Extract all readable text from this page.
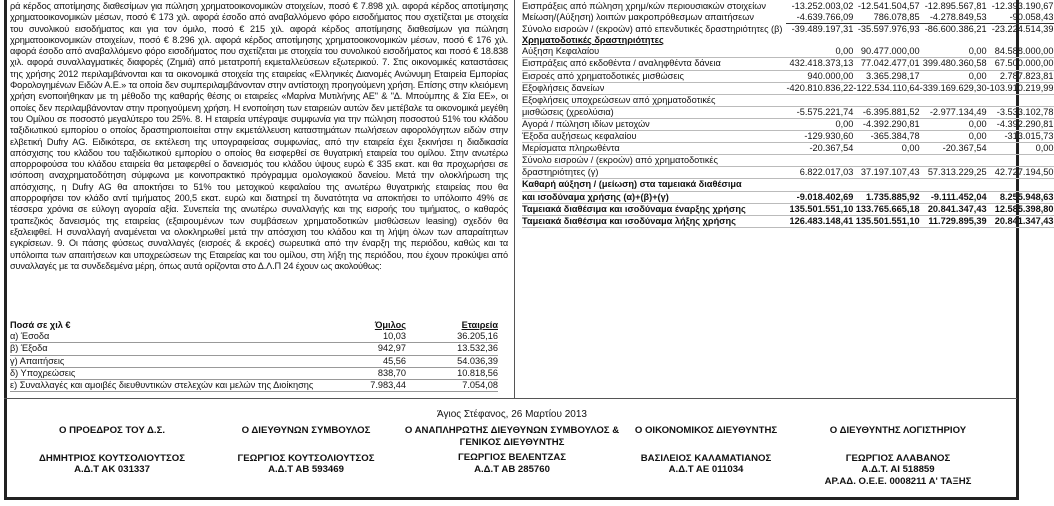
ρά κέρδος αποτίμησης διαθεσίμων για πώληση χρηματοοικονομικών στοιχείων, ποσό € 7.898 χιλ. αφορά κέρδος αποτίμησης χρηματοοικονομικών μέσων, ποσό € 173 χιλ. αφορά έσοδο από αναβαλλόμενο φόρο εισοδήματος που σχετίζεται με στοιχεία του συνολικού εισοδήματος και για τον όμιλο, ποσό € 215 χιλ. αφορά κέρδος αποτίμησης διαθεσίμων για πώληση χρηματοοικονομικών στοιχείων, ποσό € 8.296 χιλ. αφορά κέρδος αποτίμησης χρηματοοικονομικών μέσων, ποσό € 176 χιλ. αφορά έσοδο από αναβαλλόμενο φόρο εισοδήματος που σχετίζεται με στοιχεία του συνολικού εισοδήματος και ποσό € 18.838 χιλ. αφορά συναλλαγματικές διαφορές (Ζημιά) από μετατροπή εκμεταλλεύσεων εξωτερικού. 7. Στις οικονομικές καταστάσεις της χρήσης 2012 περιλαμβάνονται και τα οικονομικά στοιχεία της εταιρείας «Ελληνικές Διανομές Ανώνυμη Εταιρεία Εμπορίας Φορολογημένων Ειδών Α.Ε.» τα οποία δεν συμπεριλαμβάνονταν στην αντίστοιχη προηγούμενη χρήση. Επίσης στην κλειόμενη χρήση ενοποιήθηκαν με τη μέθοδο της καθαρής θέσης οι εταιρείες «Μαρίνα Μυτιλήνης ΑΕ" & "Δ. Μπούμπης & Σία ΕΕ», οι οποίες δεν περιλαμβάνονταν στην προηγούμενη χρήση. Η ενοποίηση των εταιρειών αυτών δεν μετέβαλε τα οικονομικά μεγέθη του Ομίλου σε ποσοστό μεγαλύτερο του 25%. 8. Η εταιρεία υπέγραψε συμφωνία για την πώληση ποσοστού 51% του κλάδου ταξιδιωτικού εμπορίου ο οποίος δραστηριοποιείται στην εκμετάλλευση καταστημάτων πωλήσεων αφορολόγητων ειδών στην ελβετική Dufry AG. Ειδικότερα, σε εκτέλεση της υπογραφείσας συμφωνίας, από την εταιρεία έχει ξεκινήσει η διαδικασία απόσχισης του κλάδου του ταξιδιωτικού εμπορίου ο οποίος θα εισφερθεί σε θυγατρική εταιρεία του ομίλου. Στην ανωτέρω απορροφούσα του κλάδου εταιρεία θα μεταφερθεί ο δανεισμός του κλάδου ύψους ευρώ € 335 εκατ. και θα προχωρήσει σε ισόποση αναχρηματοδότηση σύμφωνα με κοινοπρακτικό πρόγραμμα ομολογιακού δανείου. Μετά την ολοκλήρωση της απόσχισης, η Dufry AG θα αποκτήσει το 51% του μετοχικού κεφαλαίου της ανωτέρω θυγατρικής εταιρείας που θα απορροφήσει τον κλάδο αντί τιμήματος 200,5 εκατ. ευρώ και διατηρεί τη δυνατότητα να αποκτήσει το υπόλοιπο 49% σε τέσσερα χρόνια σε εύλογη αγοραία αξία. Συνεπεία της ανωτέρω συναλλαγής και της εισροής του τιμήματος, ο καθαρός τραπεζικός δανεισμός της εταιρείας (εξαιρουμένων των συμβάσεων χρηματοδοτικών μισθώσεων leasing) σχεδόν θα εξαλειφθεί. Η συναλλαγή αναμένεται να ολοκληρωθεί μετά την απόσχιση του κλάδου και τη λήψη όλων των απαραίτητων εγκρίσεων. 9. Οι πάσης φύσεως συναλλαγές (εισροές & εκροές) σωρευτικά από την έναρξη της περιόδου, καθώς και τα υπόλοιπα των απαιτήσεων και υποχρεώσεων της Εταιρείας και του ομίλου, στη λήξη της περιόδου, που έχουν προκύψει από συναλλαγές με τα συνδεδεμένα μέρη, όπως αυτά ορίζονται στο Δ.Λ.Π 24 έχουν ως ακολούθως:

Ποσά σε χιλ €	Όμιλος	Εταιρεία
α) Έσοδα	10,03	36.205,16
β) Έξοδα	942,97	13.532,36
γ) Απαιτήσεις	45,56	54.036,39
δ) Υποχρεώσεις	838,70	10.818,56
ε) Συναλλαγές και αμοιβές διευθυντικών στελεχών και μελών της Διοίκησης	7.983,44	7.054,08
Εισπράξεις από πώληση χρημ/κών περιουσιακών στοιχείων	-13.252.003,02	-12.541.504,57	-12.895.567,81	-12.393.190,67
Μείωση/(Αύξηση) λοιπών μακροπρόθεσμων απαιτήσεων	-4.639.766,09	786.078,85	-4.278.849,53	-90.058,43
Σύνολο εισροών / (εκροών) από επενδυτικές δραστηριότητες (β)	-39.489.197,31	-35.597.976,93	-86.600.386,21	-23.224.514,39
Χρηματοδοτικές δραστηριότητες				
Αύξηση Κεφαλαίου	0,00	90.477.000,00	0,00	84.588.000,00
Εισπράξεις από εκδοθέντα / αναληφθέντα δάνεια	432.418.373,13	77.042.477,01	399.480.360,58	67.500.000,00
Εισροές από χρηματοδοτικές μισθώσεις	940.000,00	3.365.298,17	0,00	2.787.823,81
Εξοφλήσεις δανείων	-420.810.836,22	-122.534.110,64	-339.169.629,30	-103.910.219,99
Εξοφλήσεις υποχρεώσεων από χρηματοδοτικές				
μισθώσεις (χρεολύσια)	-5.575.221,74	-6.395.881,52	-2.977.134,49	-3.533.102,78
Αγορά / πώληση ιδίων μετοχών	0,00	-4.392.290,81	0,00	-4.392.290,81
Έξοδα αυξήσεως κεφαλαίου	-129.930,60	-365.384,78	0,00	-313.015,73
Μερίσματα πληρωθέντα	-20.367,54	0,00	-20.367,54	0,00
Σύνολο εισροών / (εκροών) από χρηματοδοτικές				
δραστηριότητες (γ)	6.822.017,03	37.197.107,43	57.313.229,25	42.727.194,50
Καθαρή αύξηση / (μείωση) στα ταμειακά διαθέσιμα				
και ισοδύναμα χρήσης (α)+(β)+(γ)	-9.018.402,69	1.735.885,92	-9.111.452,04	8.255.948,63
Ταμειακά διαθέσιμα και ισοδύναμα έναρξης χρήσης	135.501.551,10	133.765.665,18	20.841.347,43	12.585.398,80
Ταμειακά διαθέσιμα και ισοδύναμα λήξης χρήσης	126.483.148,41	135.501.551,10	11.729.895,39	20.841.347,43
Άγιος Στέφανος, 26 Μαρτίου 2013
Ο ΠΡΟΕΔΡΟΣ ΤΟΥ Δ.Σ.
ΔΗΜΗΤΡΙΟΣ ΚΟΥΤΣΟΛΙΟΥΤΣΟΣ
Α.Δ.Τ ΑΚ 031337
Ο ΔΙΕΥΘΥΝΩΝ ΣΥΜΒΟΥΛΟΣ
ΓΕΩΡΓΙΟΣ ΚΟΥΤΣΟΛΙΟΥΤΣΟΣ
Α.Δ.Τ ΑΒ 593469
Ο ΑΝΑΠΛΗΡΩΤΗΣ ΔΙΕΥΘΥΝΩΝ ΣΥΜΒΟΥΛΟΣ & ΓΕΝΙΚΟΣ ΔΙΕΥΘΥΝΤΗΣ
ΓΕΩΡΓΙΟΣ ΒΕΛΕΝΤΖΑΣ
Α.Δ.Τ ΑΒ 285760
Ο ΟΙΚΟΝΟΜΙΚΟΣ ΔΙΕΥΘΥΝΤΗΣ
ΒΑΣΙΛΕΙΟΣ ΚΑΛΑΜΑΤΙΑΝΟΣ
Α.Δ.Τ ΑΕ 011034
Ο ΔΙΕΥΘΥΝΤΗΣ ΛΟΓΙΣΤΗΡΙΟΥ
ΓΕΩΡΓΙΟΣ ΑΛΑΒΑΝΟΣ
Α.Δ.Τ. ΑΙ 518859
ΑΡ.ΑΔ. Ο.Ε.Ε. 0008211 Α' ΤΑΞΗΣ
